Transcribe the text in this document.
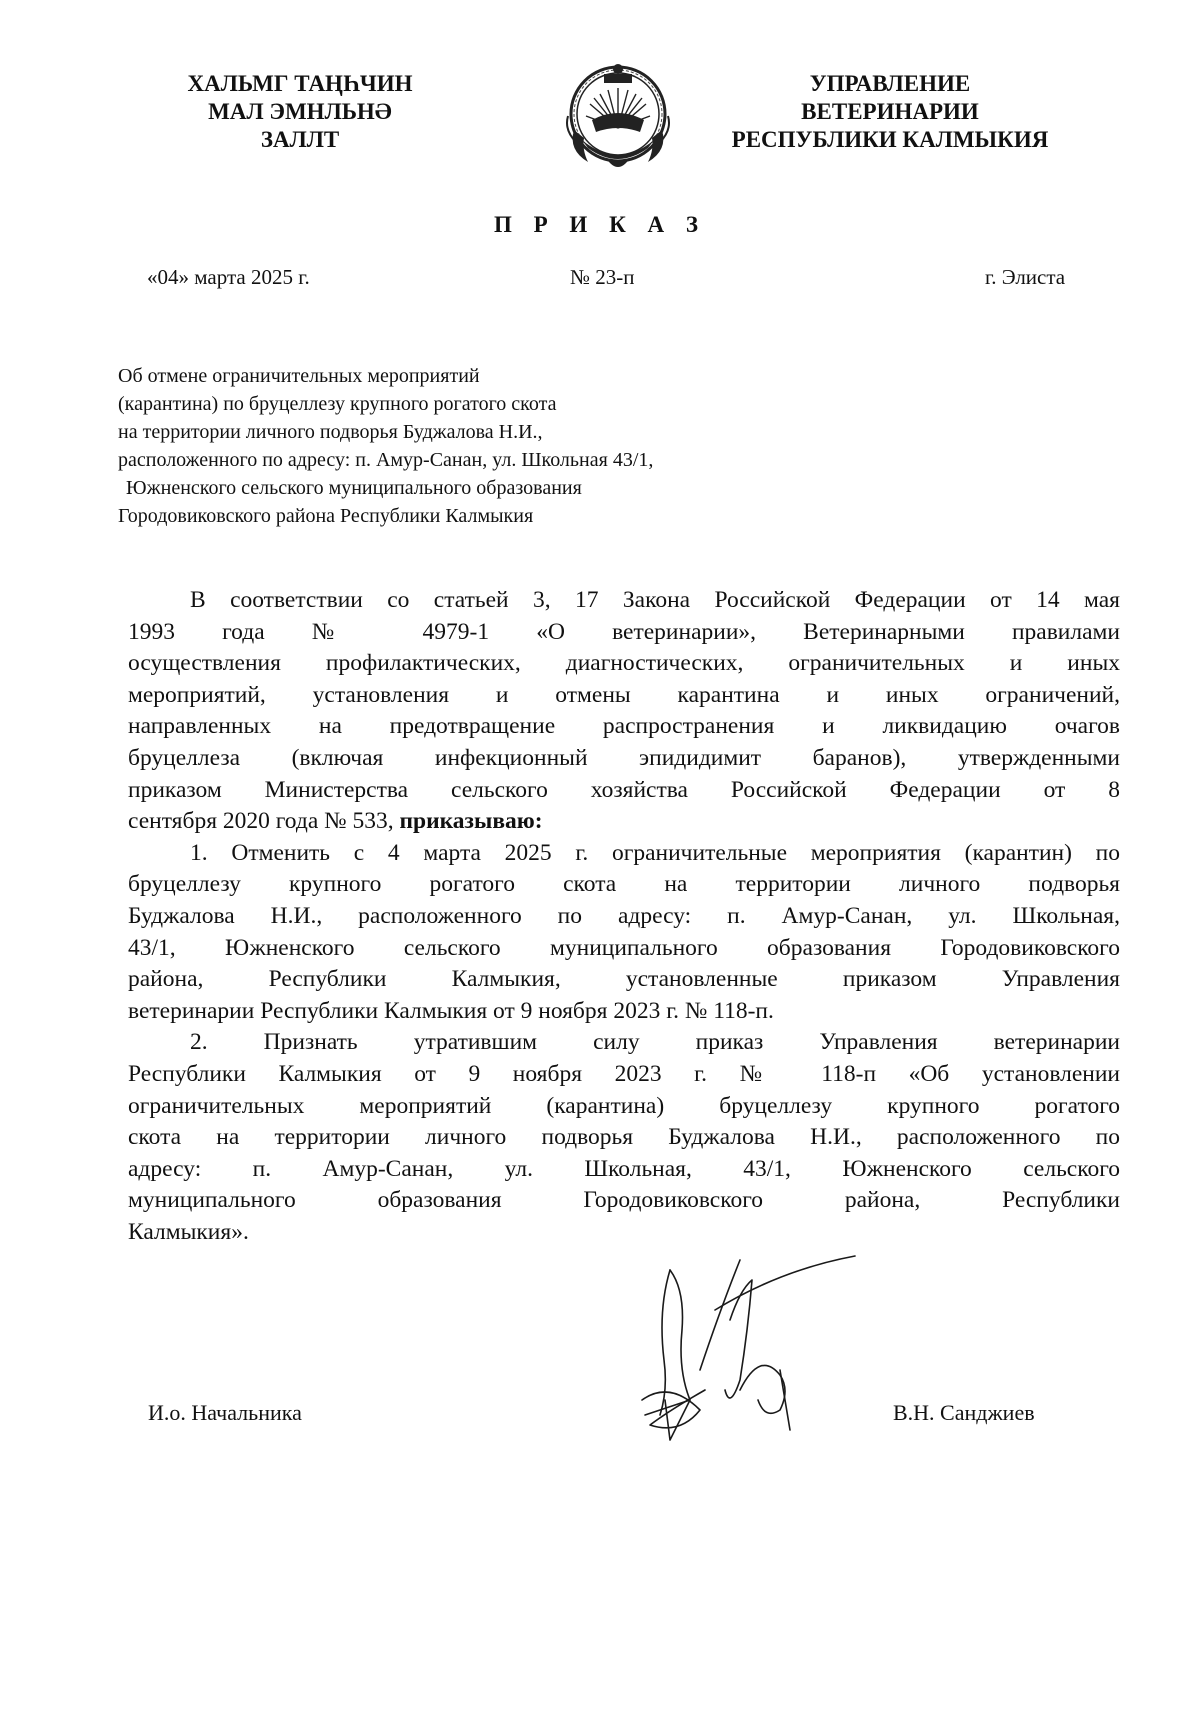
ХАЛЬМГ ТАҢҺЧИН
МАЛ ЭМНЛЬНӘ
ЗАЛЛТ
УПРАВЛЕНИЕ
ВЕТЕРИНАРИИ
РЕСПУБЛИКИ КАЛМЫКИЯ
П Р И К А З
«04» марта 2025 г.	№ 23-п	г. Элиста
Об отмене ограничительных мероприятий
(карантина) по бруцеллезу крупного рогатого скота
на территории личного подворья Буджалова Н.И.,
расположенного по адресу: п. Амур-Санан, ул. Школьная 43/1,
Южненского сельского муниципального образования
Городовиковского района Республики Калмыкия
В соответствии со статьей 3, 17 Закона Российской Федерации от 14 мая
1993 года № 4979-1 «О ветеринарии», Ветеринарными правилами
осуществления профилактических, диагностических, ограничительных и иных
мероприятий, установления и отмены карантина и иных ограничений,
направленных на предотвращение распространения и ликвидацию очагов
бруцеллеза (включая инфекционный эпидидимит баранов), утвержденными
приказом Министерства сельского хозяйства Российской Федерации от 8
сентября 2020 года № 533, приказываю:
1. Отменить с 4 марта 2025 г. ограничительные мероприятия (карантин) по
бруцеллезу крупного рогатого скота на территории личного подворья
Буджалова Н.И., расположенного по адресу: п. Амур-Санан, ул. Школьная,
43/1, Южненского сельского муниципального образования Городовиковского
района, Республики Калмыкия, установленные приказом Управления
ветеринарии Республики Калмыкия от 9 ноября 2023 г. № 118-п.
2. Признать утратившим силу приказ Управления ветеринарии
Республики Калмыкия от 9 ноября 2023 г. № 118-п «Об установлении
ограничительных мероприятий (карантина) бруцеллезу крупного рогатого
скота на территории личного подворья Буджалова Н.И., расположенного по
адресу: п. Амур-Санан, ул. Школьная, 43/1, Южненского сельского
муниципального образования Городовиковского района, Республики
Калмыкия».
И.о. Начальника	В.Н. Санджиев
